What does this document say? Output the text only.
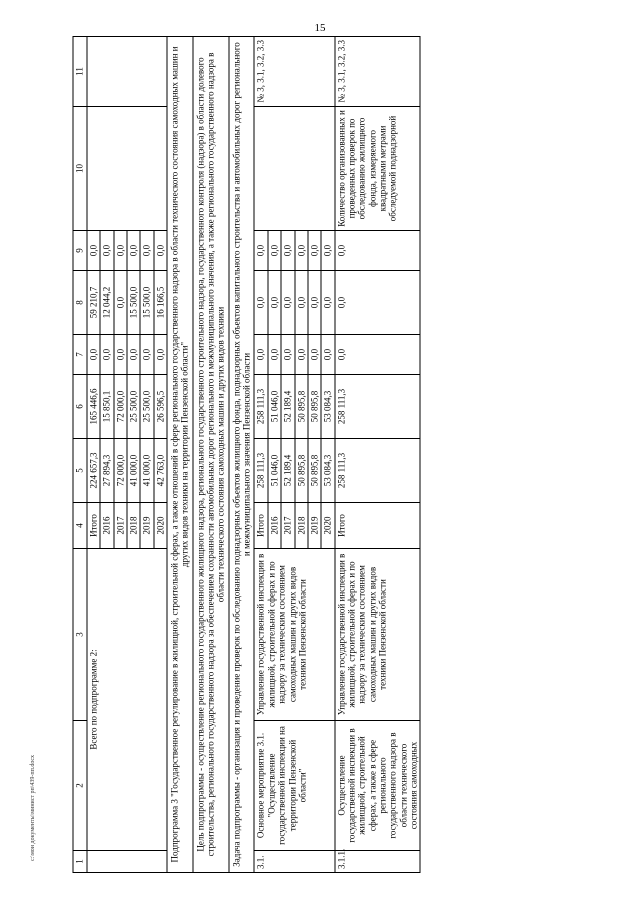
15
1	2	3	4	5	6	7	8	9	10	11
	Всего по подпрограмме 2:		Итого	224 657,3	165 446,6	0,0	59 210,7	0,0		
			2016	27 894,3	15 850,1	0,0	12 044,2	0,0		
			2017	72 000,0	72 000,0	0,0	0,0	0,0		
			2018	41 000,0	25 500,0	0,0	15 500,0	0,0		
			2019	41 000,0	25 500,0	0,0	15 500,0	0,0		
			2020	42 763,0	26 596,5	0,0	16 166,5	0,0		
Подпрограмма 3 "Государственное регулирование в жилищной, строительной сферах, а также отношений в сфере регионального государственного надзора в области технического состояния самоходных машин и других видов техники на территории Пензенской области"										
Цель подпрограммы - осуществление регионального государственного жилищного надзора, регионального государственного строительного надзора, государственного контроля (надзора) в области долевого строительства, регионального государственного надзора за обеспечением сохранности автомобильных дорог регионального и межмуниципального значения, а также регионального государственного надзора в области технического состояния самоходных машин и других видов техники										
Задача подпрограммы - организация и проведение проверок по обследованию поднадзорных объектов жилищного фонда, поднадзорных объектов капитального строительства и автомобильных дорог регионального и межмуниципального значения Пензенской области										
3.1.	Основное мероприятие 3.1. "Осуществление государственной инспекции на территории Пензенской области"	Управление государственной инспекции в жилищной, строительной сферах и по надзору за техническим состоянием самоходных машин и других видов техники Пензенской области	Итого	258 111,3	258 111,3	0,0	0,0	0,0		№ 3, 3.1, 3.2, 3.3
			2016	51 046,0	51 046,0	0,0	0,0	0,0		
			2017	52 189,4	52 189,4	0,0	0,0	0,0		
			2018	50 895,8	50 895,8	0,0	0,0	0,0		
			2019	50 895,8	50 895,8	0,0	0,0	0,0		
			2020	53 084,3	53 084,3	0,0	0,0	0,0		
3.1.1.	Осуществление государственной инспекции в жилищной, строительной сферах, а также в сфере регионального государственного надзора в области технического состояния самоходных	Управление государственной инспекции в жилищной, строительной сферах и по надзору за техническим состоянием самоходных машин и других видов техники Пензенской области	Итого	258 111,3	258 111,3	0,0	0,0	0,0	Количество организованных и проведенных проверок по обследованию жилищного фонда, измеряемого квадратными метрами обследуемой поднадзорной	№ 3, 3.1, 3.2, 3.3
c:\мои документы\минист рп\439-пп.docx
